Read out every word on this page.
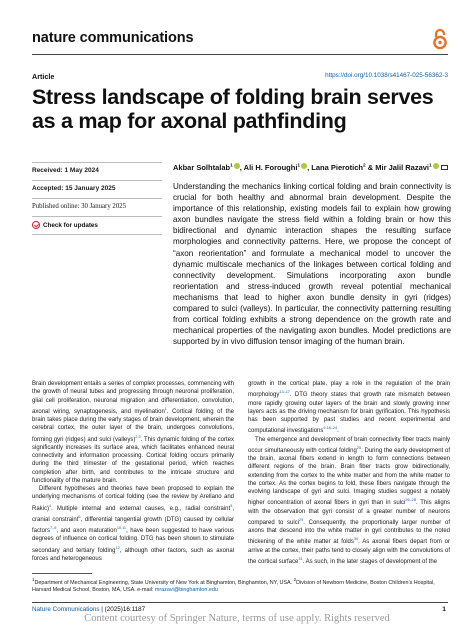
nature communications
Article	https://doi.org/10.1038/s41467-025-56362-3
Stress landscape of folding brain serves as a map for axonal pathfinding
Received: 1 May 2024
Accepted: 15 January 2025
Published online: 30 January 2025
Check for updates
Akbar Solhtalab$^1$ , Ali H. Foroughi$^1$ , Lana Pierotich$^2$ & Mir Jalil Razavi$^1$

Understanding the mechanics linking cortical folding and brain connectivity is crucial for both healthy and abnormal brain development. Despite the importance of this relationship, existing models fail to explain how growing axon bundles navigate the stress field within a folding brain or how this bidirectional and dynamic interaction shapes the resulting surface morphologies and connectivity patterns. Here, we propose the concept of “axon reorientation” and formulate a mechanical model to uncover the dynamic multiscale mechanics of the linkages between cortical folding and connectivity development. Simulations incorporating axon bundle reorientation and stress-induced growth reveal potential mechanical mechanisms that lead to higher axon bundle density in gyri (ridges) compared to sulci (valleys). In particular, the connectivity patterning resulting from cortical folding exhibits a strong dependence on the growth rate and mechanical properties of the navigating axon bundles. Model predictions are supported by in vivo diffusion tensor imaging of the human brain.

Brain development entails a series of complex processes, commencing with the growth of neural tubes and progressing through neuronal proliferation, glial cell proliferation, neuronal migration and differentiation, convolution, axonal wiring, synaptogenesis, and myelination$^1$. Cortical folding of the brain takes place during the early stages of brain development, wherein the cerebral cortex, the outer layer of the brain, undergoes convolutions, forming gyri (ridges) and sulci (valleys)$^{2,3}$. This dynamic folding of the cortex significantly increases its surface area, which facilitates enhanced neural connectivity and information processing. Cortical folding occurs primarily during the third trimester of the gestational period, which reaches completion after birth, and contributes to the intricate structure and functionality of the mature brain.

Different hypotheses and theories have been proposed to explain the underlying mechanisms of cortical folding (see the review by Arellano and Rakic)$^4$. Multiple internal and external causes, e.g., radial constraint$^5$, cranial constraint$^6$, differential tangential growth (DTG) caused by cellular factors$^{7-9}$, and axon maturation$^{10,11}$, have been suggested to have various degrees of influence on cortical folding. DTG has been shown to stimulate secondary and tertiary folding$^{12}$, although other factors, such as axonal forces and heterogeneous

growth in the cortical plate, play a role in the regulation of the brain morphology$^{13-17}$. DTG theory states that growth rate mismatch between more rapidly growing outer layers of the brain and slowly growing inner layers acts as the driving mechanism for brain gyrification. This hypothesis has been supported by past studies and recent experimental and computational investigations$^{9,18-24}$.

The emergence and development of brain connectivity fiber tracts mainly occur simultaneously with cortical folding$^{25}$. During the early development of the brain, axonal fibers extend in length to form connections between different regions of the brain. Brain fiber tracts grow bidirectionally, extending from the cortex to the white matter and from the white matter to the cortex. As the cortex begins to fold, these fibers navigate through the evolving landscape of gyri and sulci. Imaging studies suggest a notably higher concentration of axonal fibers in gyri than in sulci$^{26-28}$. This aligns with the observation that gyri consist of a greater number of neurons compared to sulci$^{29}$. Consequently, the proportionally larger number of axons that descend into the white matter in gyri contributes to the noted thickening of the white matter at folds$^{30}$. As axonal fibers depart from or arrive at the cortex, their paths tend to closely align with the convolutions of the cortical surface$^{31}$. As such, in the later stages of development of the

$^1$Department of Mechanical Engineering, State University of New York at Binghamton, Binghamton, NY, USA. $^2$Division of Newborn Medicine, Boston Children’s Hospital, Harvard Medical School, Boston, MA, USA. e-mail: mrazavi@binghamton.edu
Nature Communications | (2025)16:1187	1
Content courtesy of Springer Nature, terms of use apply. Rights reserved
